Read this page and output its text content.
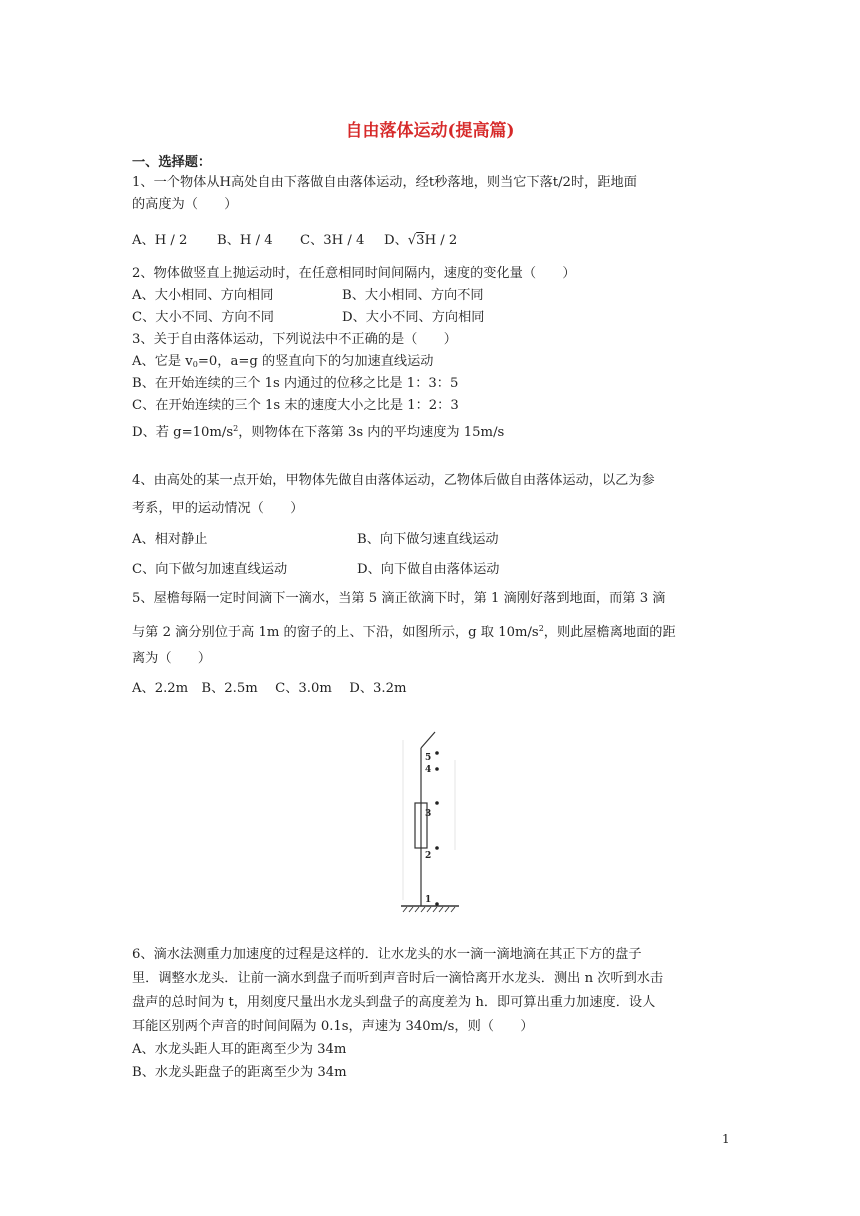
自由落体运动(提高篇)
一、选择题：
1、一个物体从H高处自由下落做自由落体运动，经t秒落地，则当它下落t/2时，距地面
的高度为（　　）
A、H / 2 B、H / 4 C、3H / 4 D、√3H / 2
2、物体做竖直上抛运动时，在任意相同时间间隔内，速度的变化量（　　）
A、大小相同、方向相同	B、大小相同、方向不同
C、大小不同、方向不同	D、大小不同、方向相同
3、关于自由落体运动，下列说法中不正确的是（　　）
A、它是 $v_0=0$，a=g 的竖直向下的匀加速直线运动
B、在开始连续的三个 1s 内通过的位移之比是 1：3：5
C、在开始连续的三个 1s 末的速度大小之比是 1：2：3
D、若 $g=10m/s^2$，则物体在下落第 3s 内的平均速度为 15m/s
4、由高处的某一点开始，甲物体先做自由落体运动，乙物体后做自由落体运动，以乙为参
考系，甲的运动情况（　　）
A、相对静止	B、向下做匀速直线运动
C、向下做匀加速直线运动	D、向下做自由落体运动
5、屋檐每隔一定时间滴下一滴水，当第 5 滴正欲滴下时，第 1 滴刚好落到地面，而第 3 滴
与第 2 滴分别位于高 1m 的窗子的上、下沿，如图所示，g 取 $10m/s^2$，则此屋檐离地面的距
离为（　　）
A、2.2m　B、2.5m　 C、3.0m　 D、3.2m
5
4
3
2
1
6、滴水法测重力加速度的过程是这样的．让水龙头的水一滴一滴地滴在其正下方的盘子
里．调整水龙头．让前一滴水到盘子而听到声音时后一滴恰离开水龙头．测出 n 次听到水击
盘声的总时间为 t，用刻度尺量出水龙头到盘子的高度差为 h．即可算出重力加速度．设人
耳能区别两个声音的时间间隔为 0.1s，声速为 340m/s，则（　　）
A、水龙头距人耳的距离至少为 34m
B、水龙头距盘子的距离至少为 34m
1
